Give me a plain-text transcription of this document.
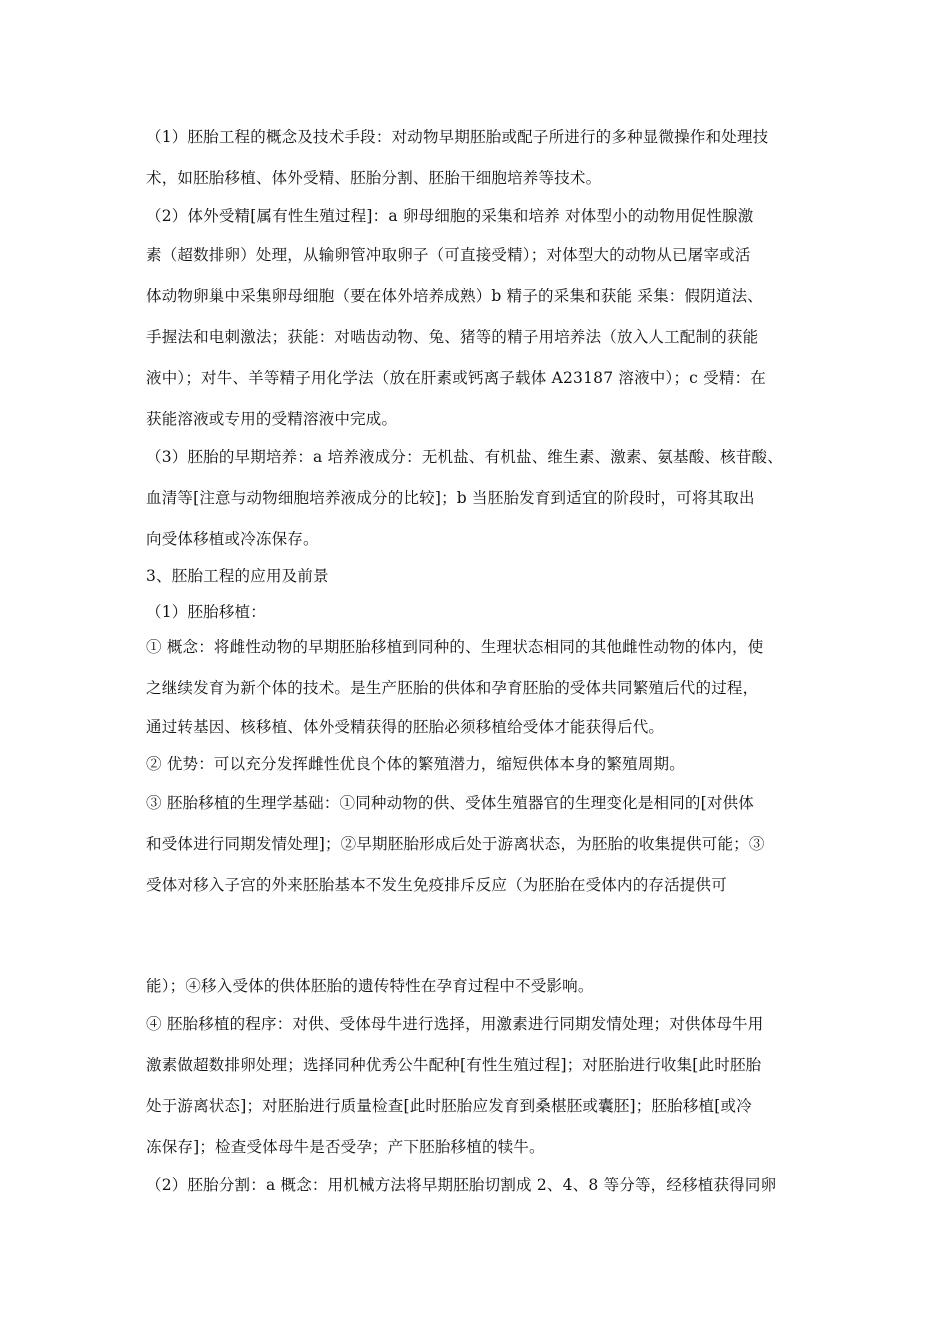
（1）胚胎工程的概念及技术手段：对动物早期胚胎或配子所进行的多种显微操作和处理技
术，如胚胎移植、体外受精、胚胎分割、胚胎干细胞培养等技术。
（2）体外受精[属有性生殖过程]：a 卵母细胞的采集和培养 对体型小的动物用促性腺激
素（超数排卵）处理，从输卵管冲取卵子（可直接受精）；对体型大的动物从已屠宰或活
体动物卵巢中采集卵母细胞（要在体外培养成熟）b 精子的采集和获能 采集：假阴道法、
手握法和电刺激法；获能：对啮齿动物、兔、猪等的精子用培养法（放入人工配制的获能
液中）；对牛、羊等精子用化学法（放在肝素或钙离子载体 A23187 溶液中）；c 受精：在
获能溶液或专用的受精溶液中完成。
（3）胚胎的早期培养：a 培养液成分：无机盐、有机盐、维生素、激素、氨基酸、核苷酸、
血清等[注意与动物细胞培养液成分的比较]；b 当胚胎发育到适宜的阶段时，可将其取出
向受体移植或冷冻保存。
3、胚胎工程的应用及前景
（1）胚胎移植：
① 概念：将雌性动物的早期胚胎移植到同种的、生理状态相同的其他雌性动物的体内，使
之继续发育为新个体的技术。是生产胚胎的供体和孕育胚胎的受体共同繁殖后代的过程，
通过转基因、核移植、体外受精获得的胚胎必须移植给受体才能获得后代。
② 优势：可以充分发挥雌性优良个体的繁殖潜力，缩短供体本身的繁殖周期。
③ 胚胎移植的生理学基础：①同种动物的供、受体生殖器官的生理变化是相同的[对供体
和受体进行同期发情处理]；②早期胚胎形成后处于游离状态，为胚胎的收集提供可能；③
受体对移入子宫的外来胚胎基本不发生免疫排斥反应（为胚胎在受体内的存活提供可
能）；④移入受体的供体胚胎的遗传特性在孕育过程中不受影响。
④ 胚胎移植的程序：对供、受体母牛进行选择，用激素进行同期发情处理；对供体母牛用
激素做超数排卵处理；选择同种优秀公牛配种[有性生殖过程]；对胚胎进行收集[此时胚胎
处于游离状态]；对胚胎进行质量检查[此时胚胎应发育到桑椹胚或囊胚]；胚胎移植[或冷
冻保存]；检查受体母牛是否受孕；产下胚胎移植的犊牛。
（2）胚胎分割：a 概念：用机械方法将早期胚胎切割成 2、4、8 等分等，经移植获得同卵
